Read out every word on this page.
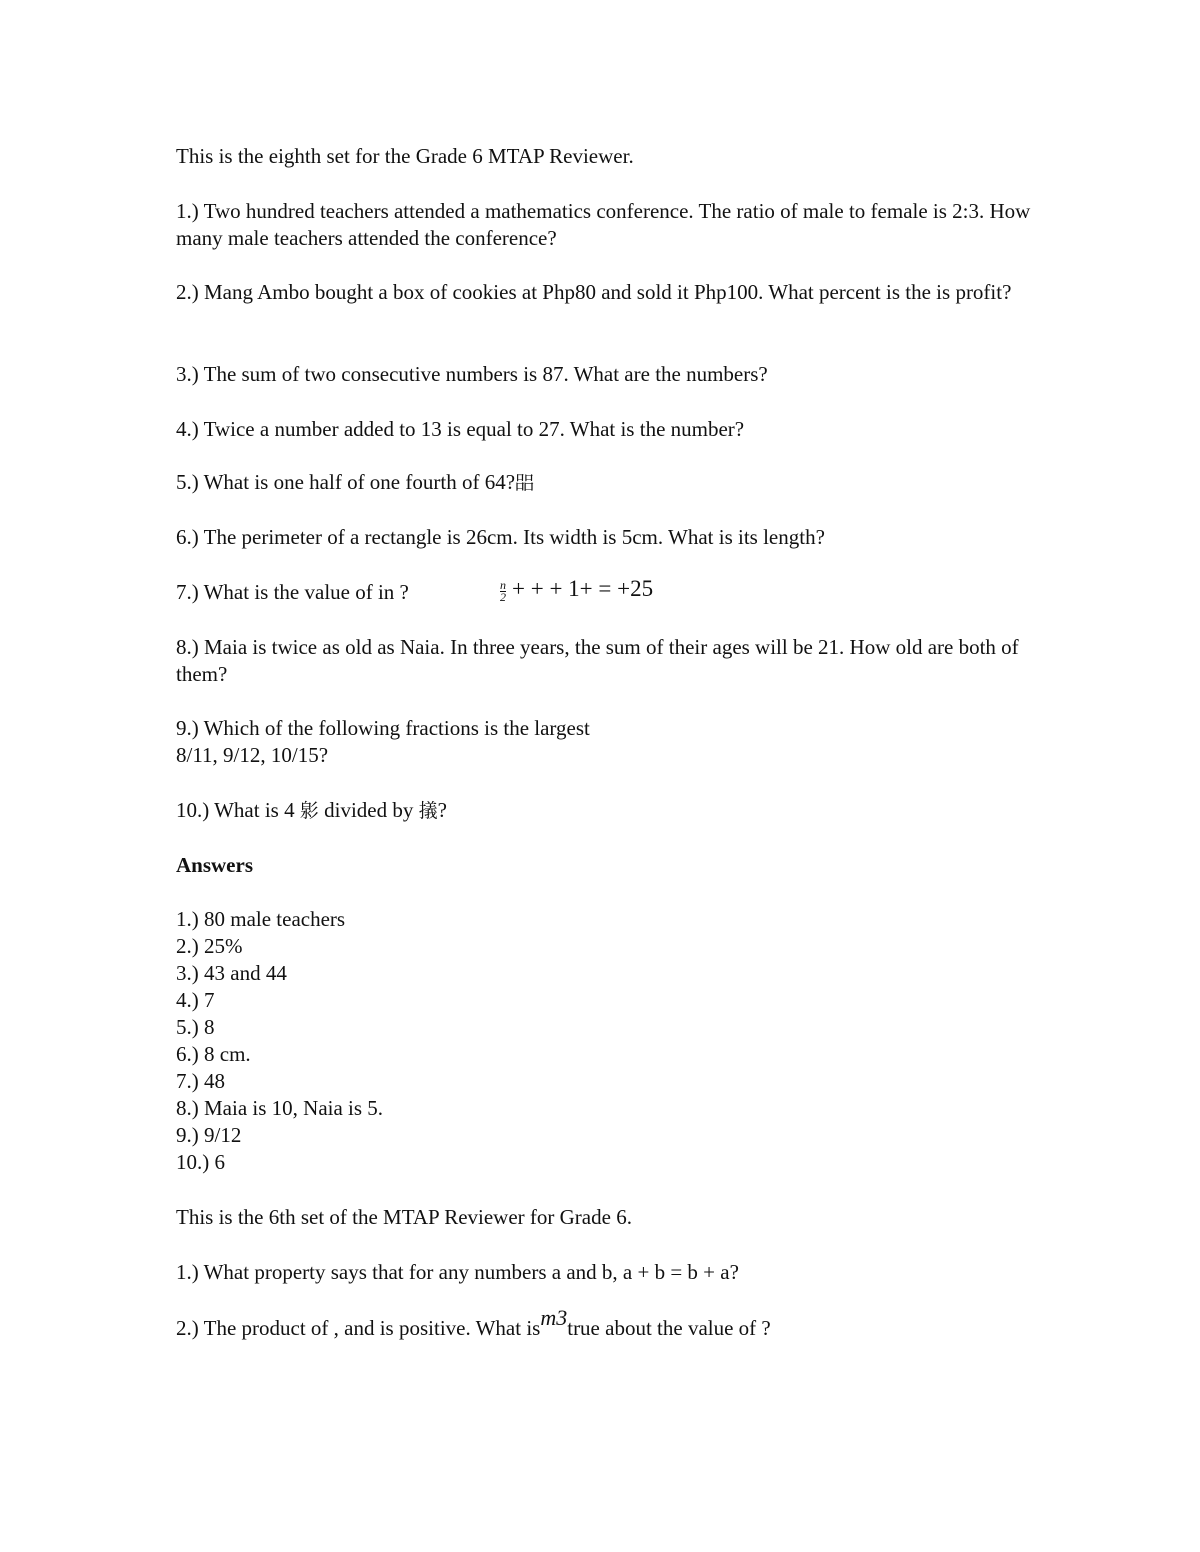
This is the eighth set for the Grade 6 MTAP Reviewer.
1.) Two hundred teachers attended a mathematics conference. The ratio of male to female is 2:3. How many male teachers attended the conference?
2.) Mang Ambo bought a box of cookies at Php80 and sold it Php100. What percent is the is profit?
3.) The sum of two consecutive numbers is 87. What are the numbers?
4.) Twice a number added to 13 is equal to 27. What is the number?
5.) What is one half of one fourth of 64?㗊
6.) The perimeter of a rectangle is 26cm. Its width is 5cm. What is its length?
7.) What is the value of in ?	$\frac{n}{2}$ + + + 1+ = +25
8.) Maia is twice as old as Naia. In three years, the sum of their ages will be 21. How old are both of them?
9.) Which of the following fractions is the largest
8/11, 9/12, 10/15?
10.) What is 4 㣐 divided by 㩘?
Answers
1.) 80 male teachers
2.) 25%
3.) 43 and 44
4.) 7
5.) 8
6.) 8 cm.
7.) 48
8.) Maia is 10, Naia is 5.
9.) 9/12
10.) 6
This is the 6th set of the MTAP Reviewer for Grade 6.
1.) What property says that for any numbers a and b, a + b = b + a?
2.) The product of , and is positive. What ism3true about the value of ?
